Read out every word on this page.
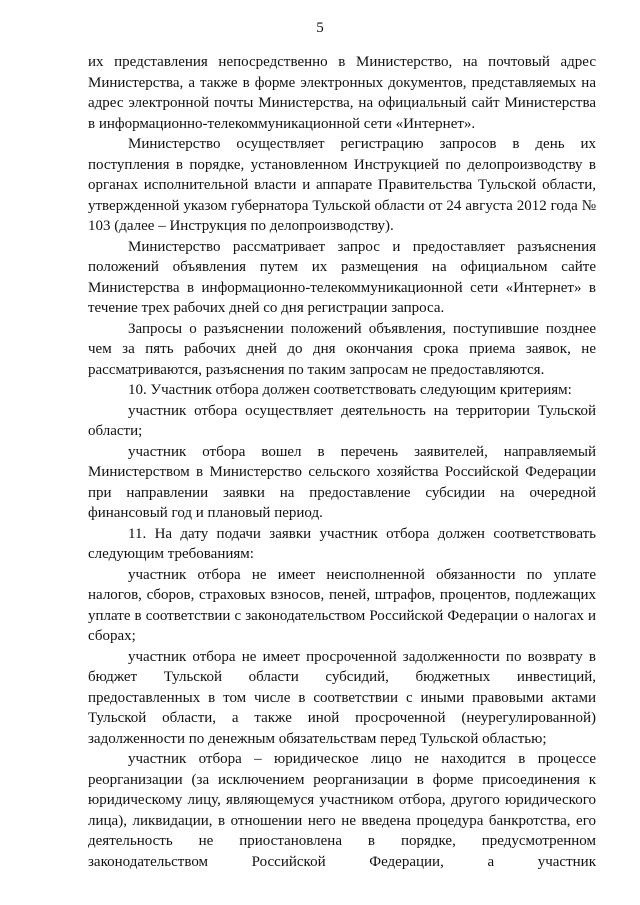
5

их представления непосредственно в Министерство, на почтовый адрес Министерства, а также в форме электронных документов, представляемых на адрес электронной почты Министерства, на официальный сайт Министерства в информационно-телекоммуникационной сети «Интернет».

Министерство осуществляет регистрацию запросов в день их поступления в порядке, установленном Инструкцией по делопроизводству в органах исполнительной власти и аппарате Правительства Тульской области, утвержденной указом губернатора Тульской области от 24 августа 2012 года № 103 (далее – Инструкция по делопроизводству).

Министерство рассматривает запрос и предоставляет разъяснения положений объявления путем их размещения на официальном сайте Министерства в информационно-телекоммуникационной сети «Интернет» в течение трех рабочих дней со дня регистрации запроса.

Запросы о разъяснении положений объявления, поступившие позднее чем за пять рабочих дней до дня окончания срока приема заявок, не рассматриваются, разъяснения по таким запросам не предоставляются.

10. Участник отбора должен соответствовать следующим критериям:

участник отбора осуществляет деятельность на территории Тульской области;

участник отбора вошел в перечень заявителей, направляемый Министерством в Министерство сельского хозяйства Российской Федерации при направлении заявки на предоставление субсидии на очередной финансовый год и плановый период.

11. На дату подачи заявки участник отбора должен соответствовать следующим требованиям:

участник отбора не имеет неисполненной обязанности по уплате налогов, сборов, страховых взносов, пеней, штрафов, процентов, подлежащих уплате в соответствии с законодательством Российской Федерации о налогах и сборах;

участник отбора не имеет просроченной задолженности по возврату в бюджет Тульской области субсидий, бюджетных инвестиций, предоставленных в том числе в соответствии с иными правовыми актами Тульской области, а также иной просроченной (неурегулированной) задолженности по денежным обязательствам перед Тульской областью;

участник отбора – юридическое лицо не находится в процессе реорганизации (за исключением реорганизации в форме присоединения к юридическому лицу, являющемуся участником отбора, другого юридического лица), ликвидации, в отношении него не введена процедура банкротства, его деятельность не приостановлена в порядке, предусмотренном законодательством Российской Федерации, а участник
